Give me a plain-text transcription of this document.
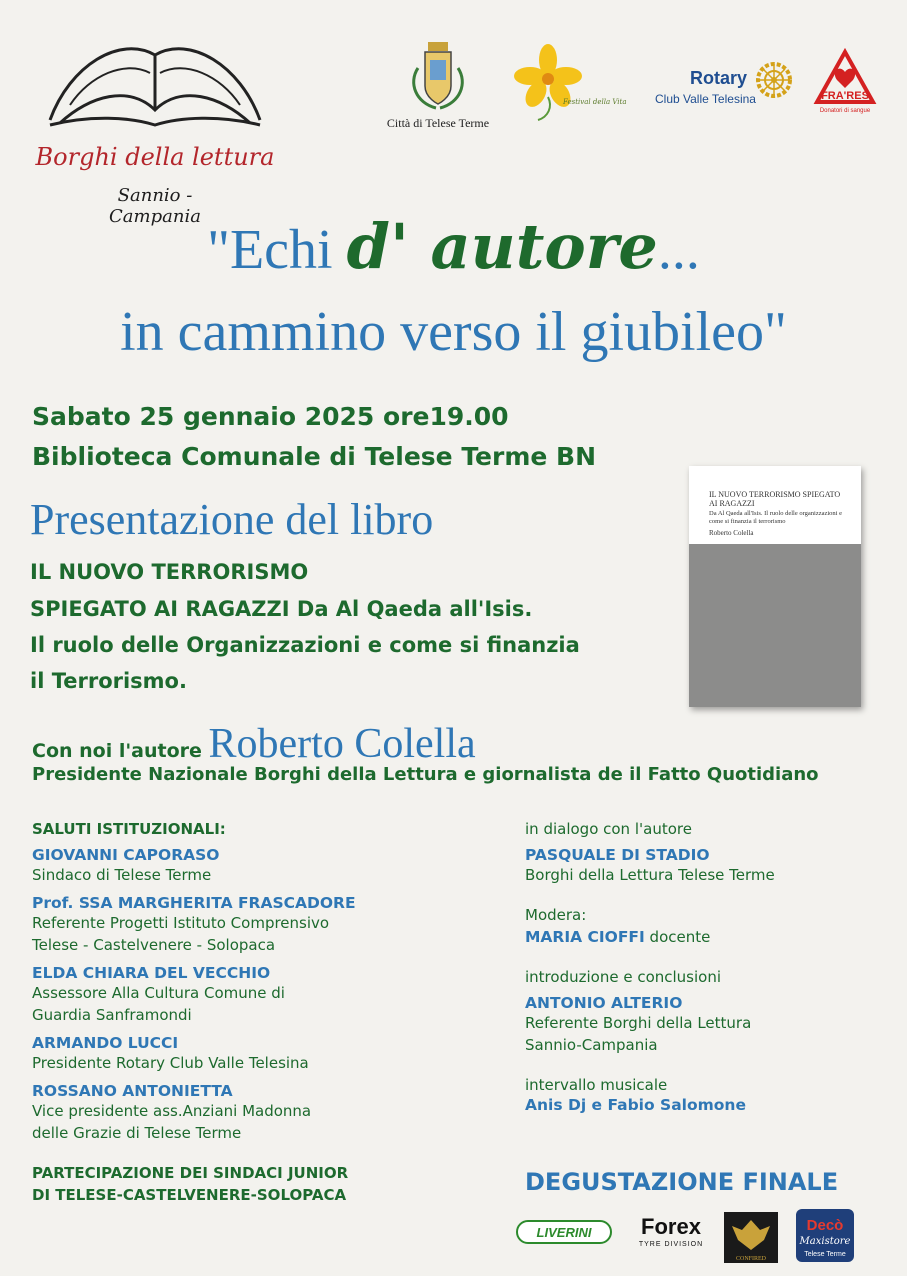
Borghi della lettura
Sannio - Campania
Città di Telese Terme
Festival della Vita
Rotary
Club Valle Telesina	FRA'RES
Donatori di sangue
"Echi d' autore...
in cammino verso il giubileo"
Sabato 25 gennaio 2025 ore19.00
Biblioteca Comunale di Telese Terme BN
Presentazione del libro
IL NUOVO TERRORISMO
SPIEGATO AI RAGAZZI Da Al Qaeda all'Isis.
Il ruolo delle Organizzazioni e come si finanzia
il Terrorismo.
IL NUOVO TERRORISMO SPIEGATO AI RAGAZZI
Da Al Qaeda all'Isis. Il ruolo delle organizzazioni e come si finanzia il terrorismo
Roberto Colella
Con noi l'autore Roberto Colella
Presidente Nazionale Borghi della Lettura e giornalista de il Fatto Quotidiano
SALUTI ISTITUZIONALI:
GIOVANNI CAPORASO
Sindaco di Telese Terme
Prof. SSA MARGHERITA FRASCADORE
Referente Progetti Istituto Comprensivo
Telese - Castelvenere - Solopaca
ELDA CHIARA DEL VECCHIO
Assessore Alla Cultura Comune di
Guardia Sanframondi
ARMANDO LUCCI
Presidente Rotary Club Valle Telesina
ROSSANO ANTONIETTA
Vice presidente ass.Anziani Madonna
delle Grazie di Telese Terme
PARTECIPAZIONE DEI SINDACI JUNIOR
DI TELESE-CASTELVENERE-SOLOPACA
in dialogo con l'autore
PASQUALE DI STADIO
Borghi della Lettura Telese Terme
Modera:
MARIA CIOFFI docente
introduzione e conclusioni
ANTONIO ALTERIO
Referente Borghi della Lettura
Sannio-Campania
intervallo musicale
Anis Dj e Fabio Salomone
DEGUSTAZIONE FINALE
LIVERINI Forex
TYRE DIVISION
CONFIRED
Decò
Maxistore
Telese Terme
